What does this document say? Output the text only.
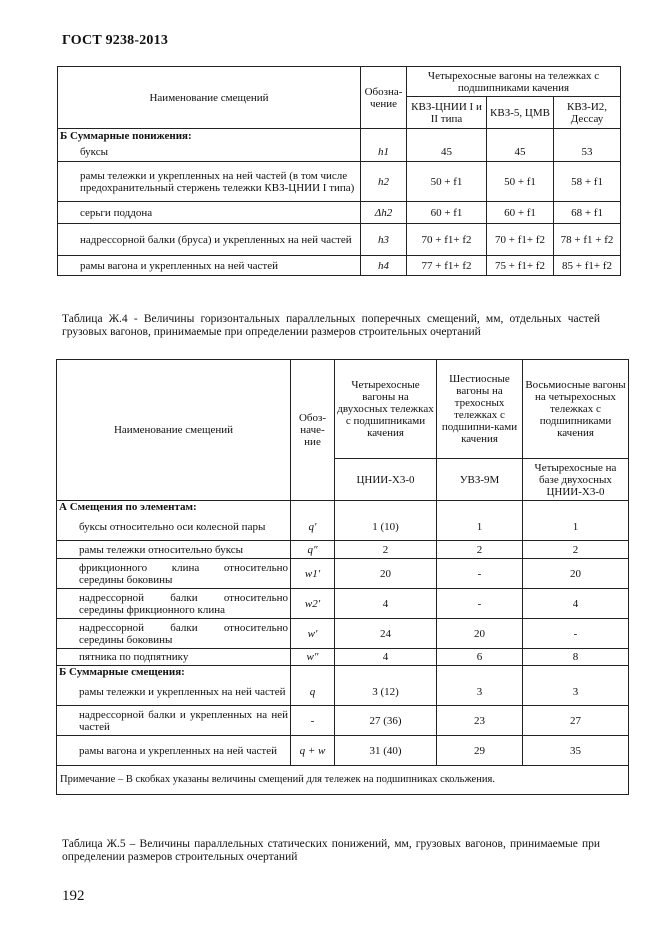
ГОСТ 9238-2013
Наименование смещений	Обозна-чение	Четырехосные вагоны на тележках с подшипниками качения		
		КВЗ-ЦНИИ I и II типа	КВЗ-5, ЦМВ	КВЗ-И2, Дессау
Б Суммарные понижения:				
буксы	h1	45	45	53
рамы тележки и укрепленных на ней частей (в том числе предохранительный стержень тележки КВЗ-ЦНИИ I типа)	h2	50 + f1	50 + f1	58 + f1
серьги поддона	Δh2	60 + f1	60 + f1	68 + f1
надрессорной балки (бруса) и укрепленных на ней частей	h3	70 + f1+ f2	70 + f1+ f2	78 + f1 + f2
рамы вагона и укрепленных на ней частей	h4	77 + f1+ f2	75 + f1+ f2	85 + f1+ f2
Таблица Ж.4 - Величины горизонтальных параллельных поперечных смещений, мм, отдельных частей грузовых вагонов, принимаемые при определении размеров строительных очертаний
Наименование смещений	Обоз-наче-ние	Четырехосные вагоны на двухосных тележках с подшипниками качения	Шестиосные вагоны на трехосных тележках с подшипни-ками качения	Восьмиосные вагоны на четырехосных тележках с подшипниками качения
		ЦНИИ-Х3-0	УВЗ-9М	Четырехосные на базе двухосных ЦНИИ-Х3-0
А Смещения по элементам:				
буксы относительно оси колесной пары	q′	1 (10)	1	1
рамы тележки относительно буксы	q″	2	2	2
фрикционного клина относительно середины боковины	w1′	20	-	20
надрессорной балки относительно середины фрикционного клина	w2′	4	-	4
надрессорной балки относительно середины боковины	w′	24	20	-
пятника по подпятнику	w″	4	6	8
Б Суммарные смещения:				
рамы тележки и укрепленных на ней частей	q	3 (12)	3	3
надрессорной балки и укрепленных на ней частей	-	27 (36)	23	27
рамы вагона и укрепленных на ней частей	q + w	31 (40)	29	35
Примечание – В скобках указаны величины смещений для тележек на подшипниках скольжения.				
Таблица Ж.5 – Величины параллельных статических понижений, мм, грузовых вагонов, принимаемые при определении размеров строительных очертаний
192
